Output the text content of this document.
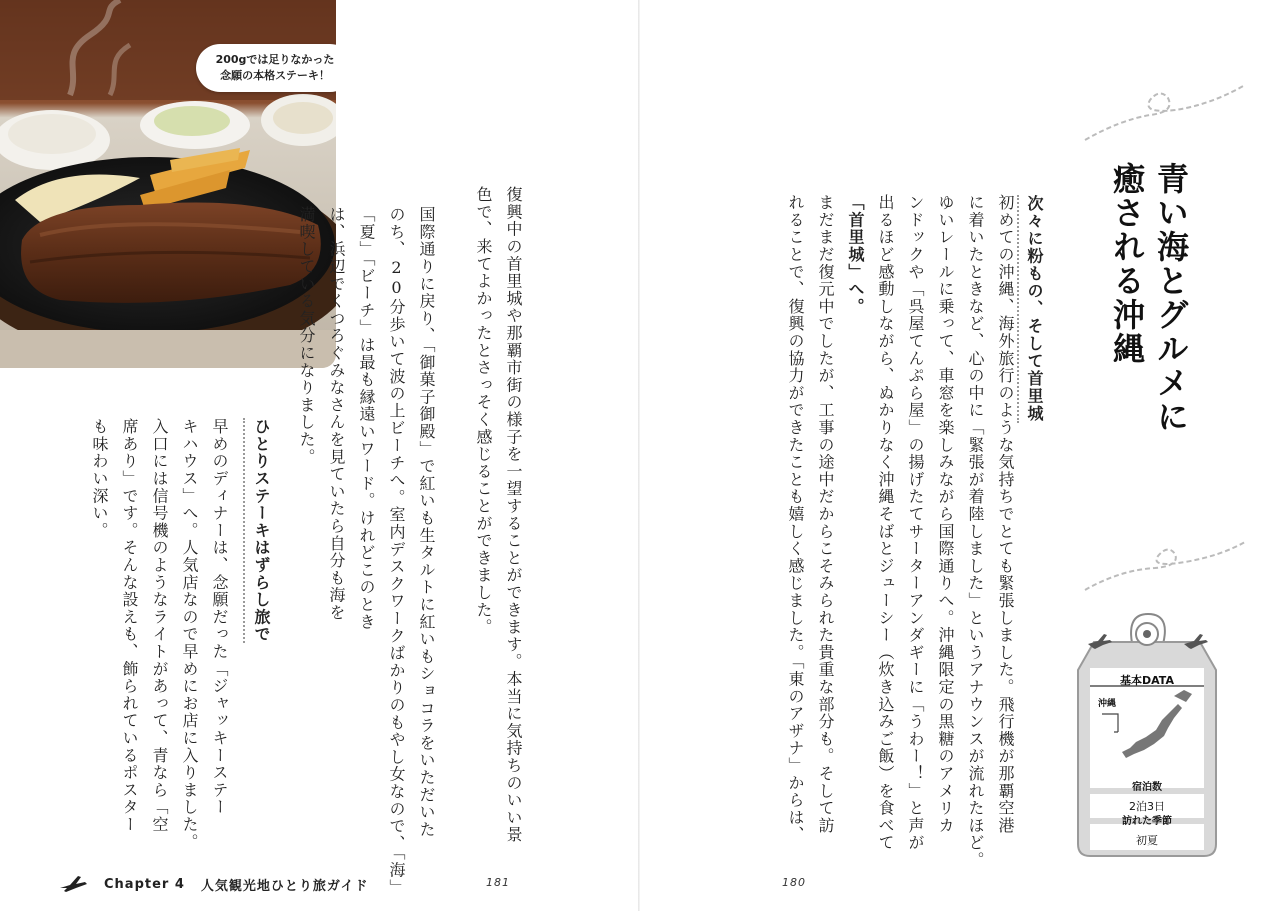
200gでは足りなかった
念願の本格ステーキ！
復興中の首里城や那覇市街の様子を一望することができます。本当に気持ちのいい景
色で、来てよかったとさっそく感じることができました。
国際通りに戻り、「御菓子御殿」で紅いも生タルトに紅いもショコラをいただいた
のち、20分歩いて波の上ビーチへ。室内デスクワークばかりのもやし女なので、「海」
「夏」「ビーチ」は最も縁遠いワード。けれどこのとき
は、浜辺でくつろぐみなさんを見ていたら自分も海を
満喫している気分になりました。
ひとりステーキはずらし旅で
早めのディナーは、念願だった「ジャッキーステー
キハウス」へ。人気店なので早めにお店に入りました。
入口には信号機のようなライトがあって、青なら「空
席あり」です。そんな設えも、飾られているポスター
も味わい深い。
Chapter 4 人気観光地ひとり旅ガイド	181
青い海とグルメに
癒される沖縄
次々に粉もの、そして首里城
初めての沖縄、海外旅行のような気持ちでとても緊張しました。飛行機が那覇空港
に着いたときなど、心の中に「緊張が着陸しました」というアナウンスが流れたほど。
ゆいレールに乗って、車窓を楽しみながら国際通りへ。沖縄限定の黒糖のアメリカ
ンドックや「呉屋てんぷら屋」の揚げたてサーターアンダギーに「うわー！」と声が
出るほど感動しながら、ぬかりなく沖縄そばとジューシー（炊き込みご飯）を食べて
「首里城」へ。
まだまだ復元中でしたが、工事の途中だからこそみられた貴重な部分も。そして訪
れることで、復興の協力ができたことも嬉しく感じました。「東のアザナ」からは、	基本DATA
沖縄
宿泊数
2泊3日
訪れた季節
初夏
180
